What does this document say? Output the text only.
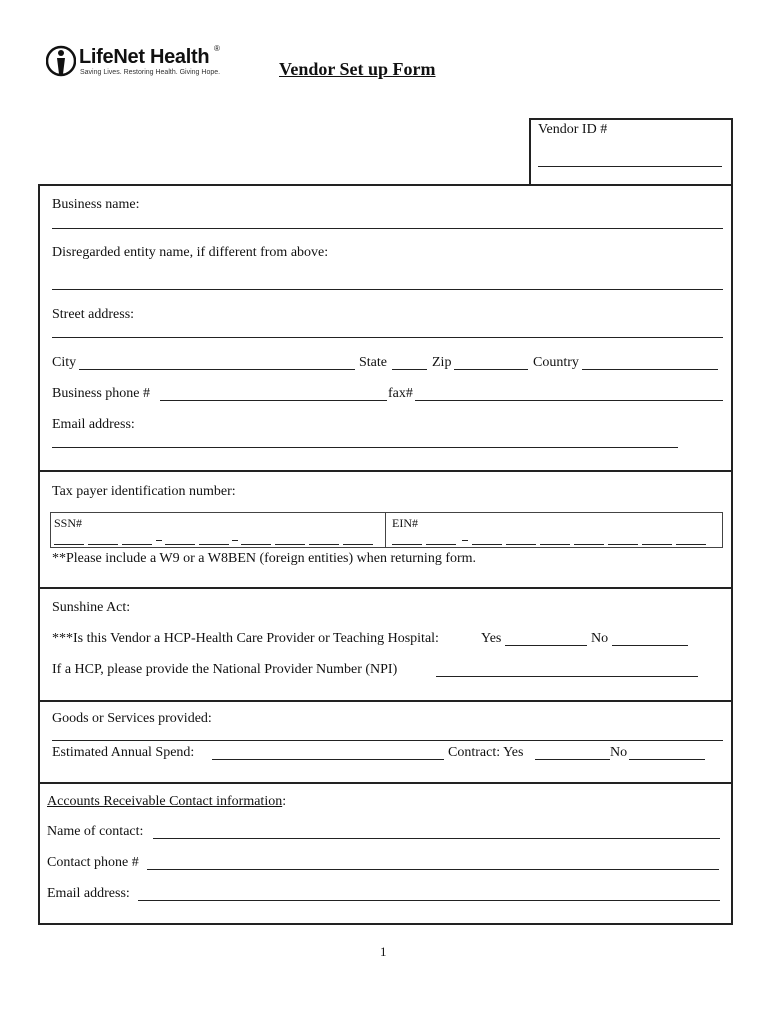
LifeNet Health ®
Saving Lives. Restoring Health. Giving Hope.	Vendor Set up Form
Vendor ID #
Business name:
Disregarded entity name, if different from above:
Street address:
City	State	Zip	Country
Business phone #	fax#
Email address:
Tax payer identification number:
SSN#	EIN#
**Please include a W9 or a W8BEN (foreign entities) when returning form.
Sunshine Act:
***Is this Vendor a HCP-Health Care Provider or Teaching Hospital:	Yes	No
If a HCP, please provide the National Provider Number (NPI)
Goods or Services provided:
Estimated Annual Spend:	Contract: Yes	No
Accounts Receivable Contact information:
Name of contact:
Contact phone #
Email address:
1
